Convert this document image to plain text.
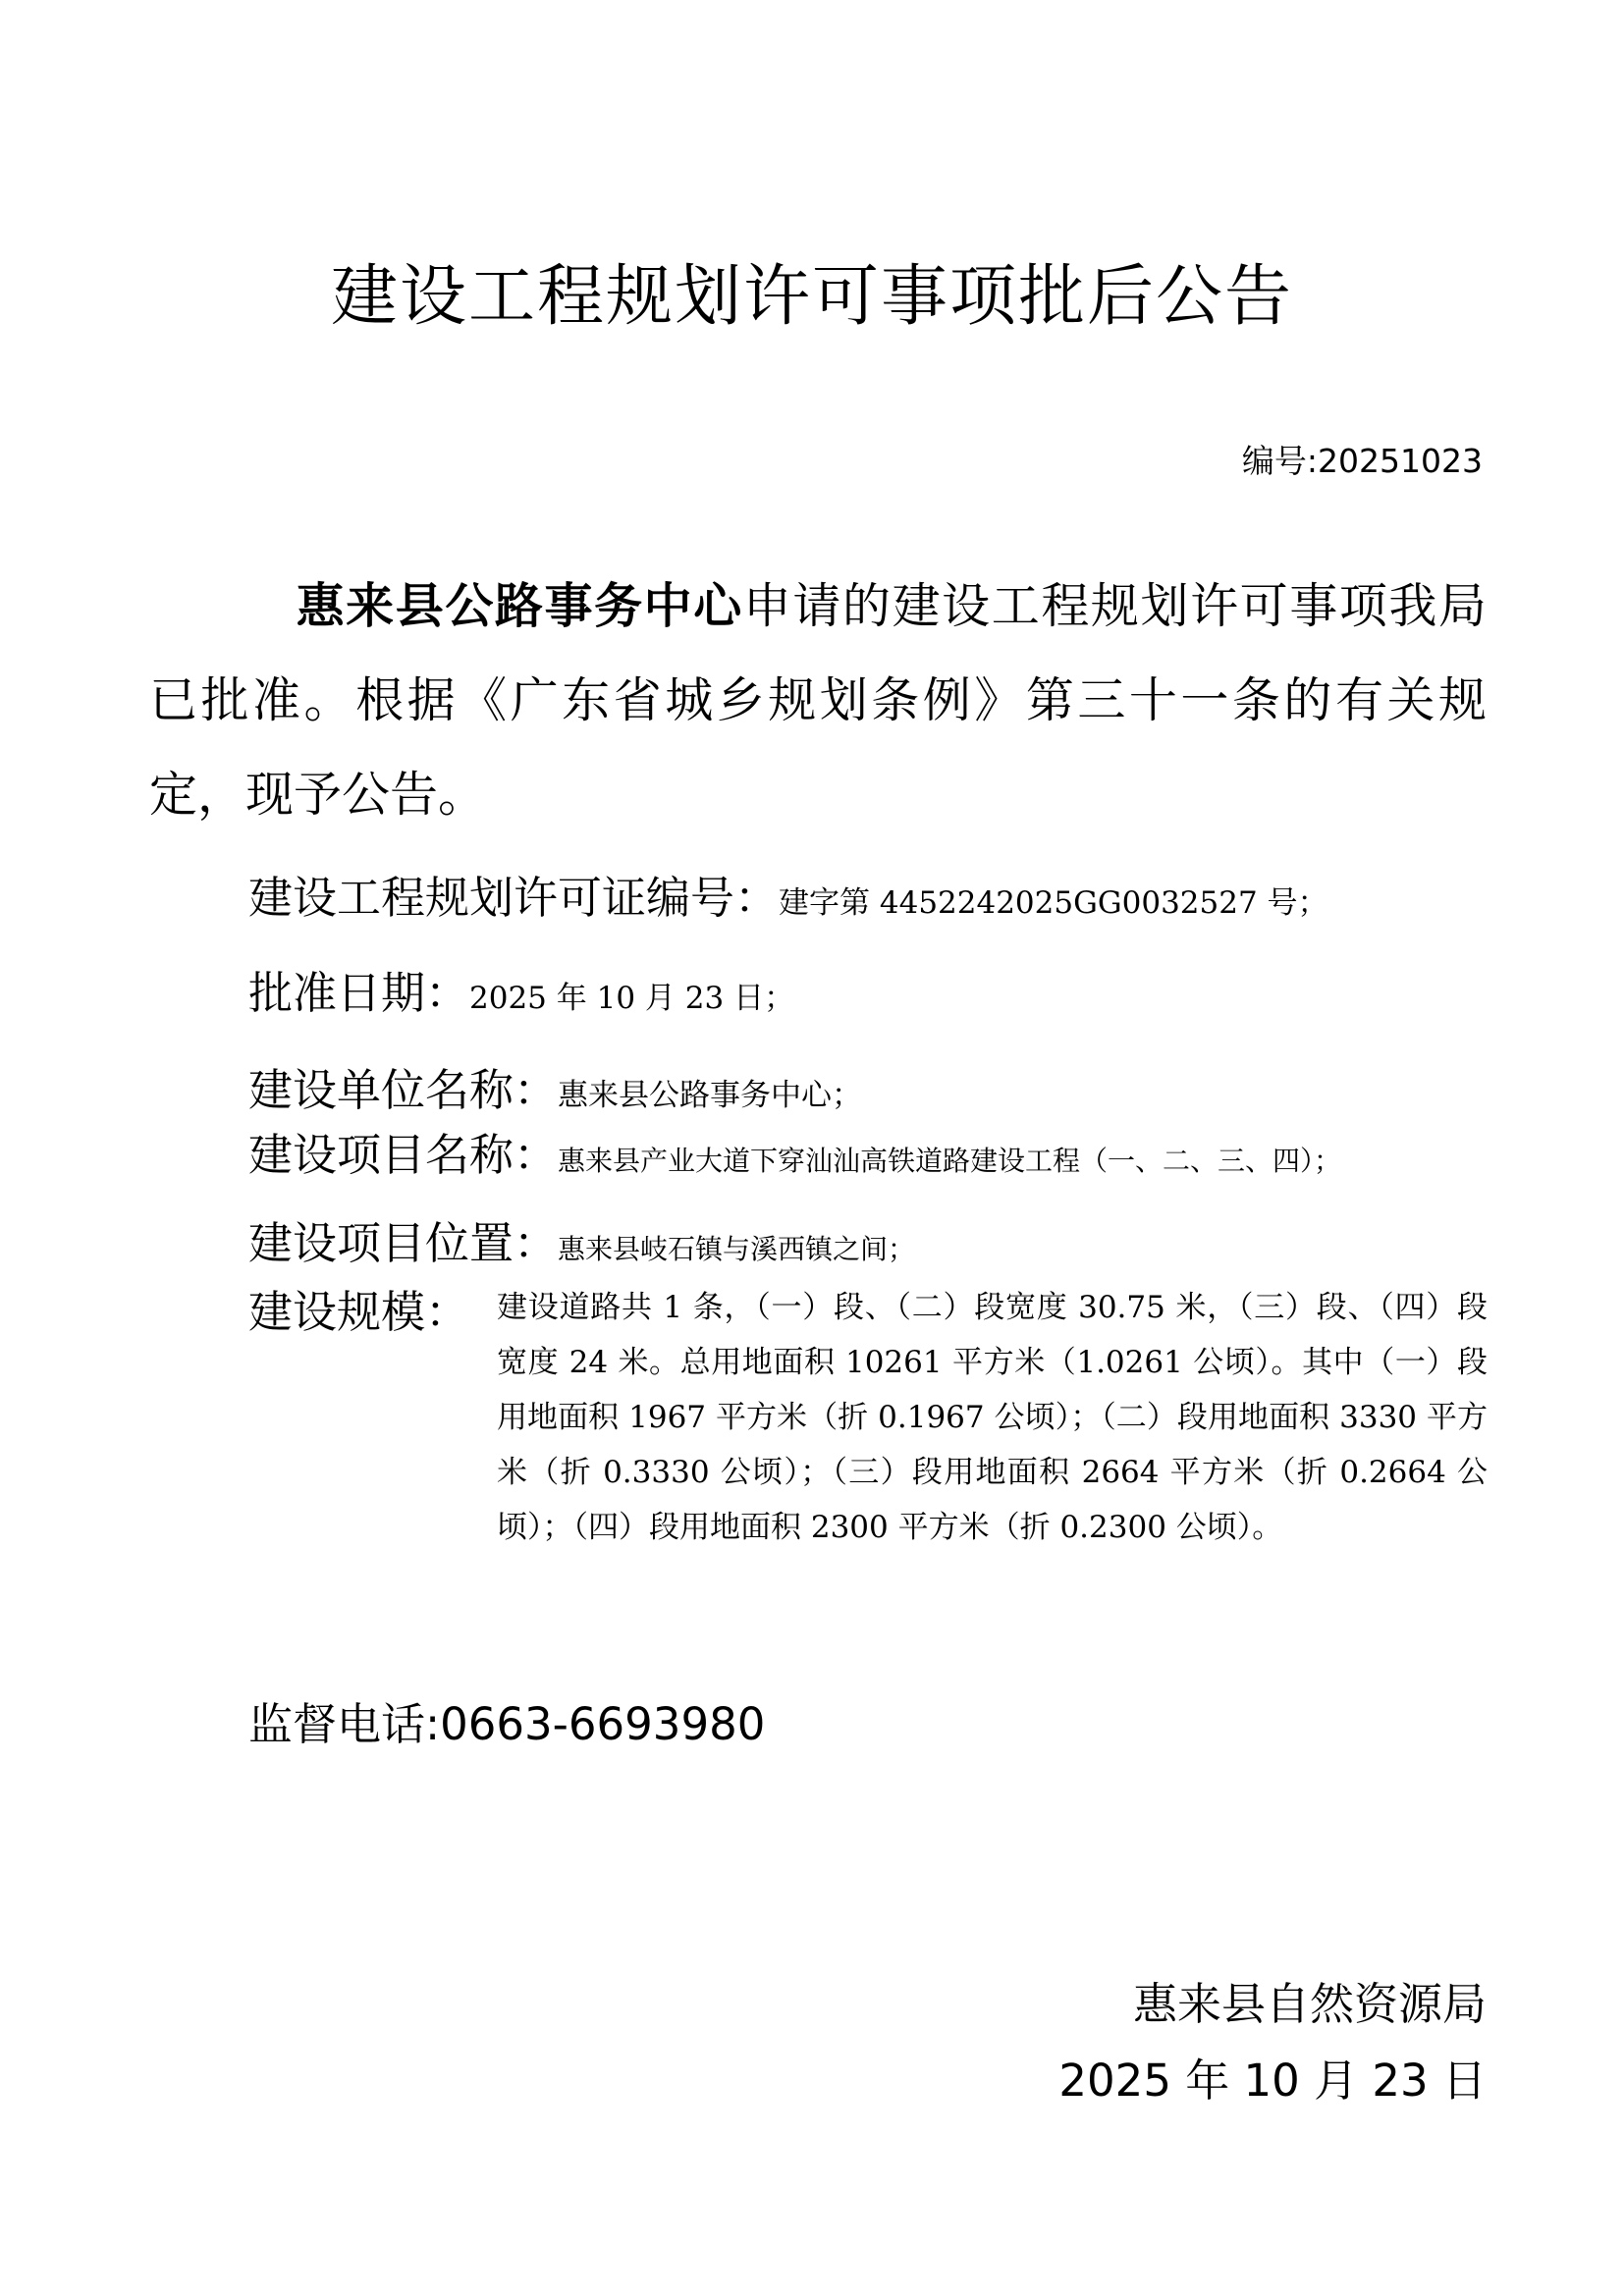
建设工程规划许可事项批后公告
编号:20251023
惠来县公路事务中心申请的建设工程规划许可事项我局已批准。根据《广东省城乡规划条例》第三十一条的有关规定，现予公告。
建设工程规划许可证编号：建字第 4452242025GG0032527 号；
批准日期：2025 年 10 月 23 日；
建设单位名称：惠来县公路事务中心；
建设项目名称：惠来县产业大道下穿汕汕高铁道路建设工程（一、二、三、四）；
建设项目位置：惠来县岐石镇与溪西镇之间；
建设规模： 建设道路共 1 条，（一）段、（二）段宽度 30.75 米，（三）段、（四）段宽度 24 米。总用地面积 10261 平方米（1.0261 公顷）。其中（一）段用地面积 1967 平方米（折 0.1967 公顷）；（二）段用地面积 3330 平方米（折 0.3330 公顷）；（三）段用地面积 2664 平方米（折 0.2664 公顷）；（四）段用地面积 2300 平方米（折 0.2300 公顷）。
监督电话:0663-6693980
惠来县自然资源局
2025 年 10 月 23 日
